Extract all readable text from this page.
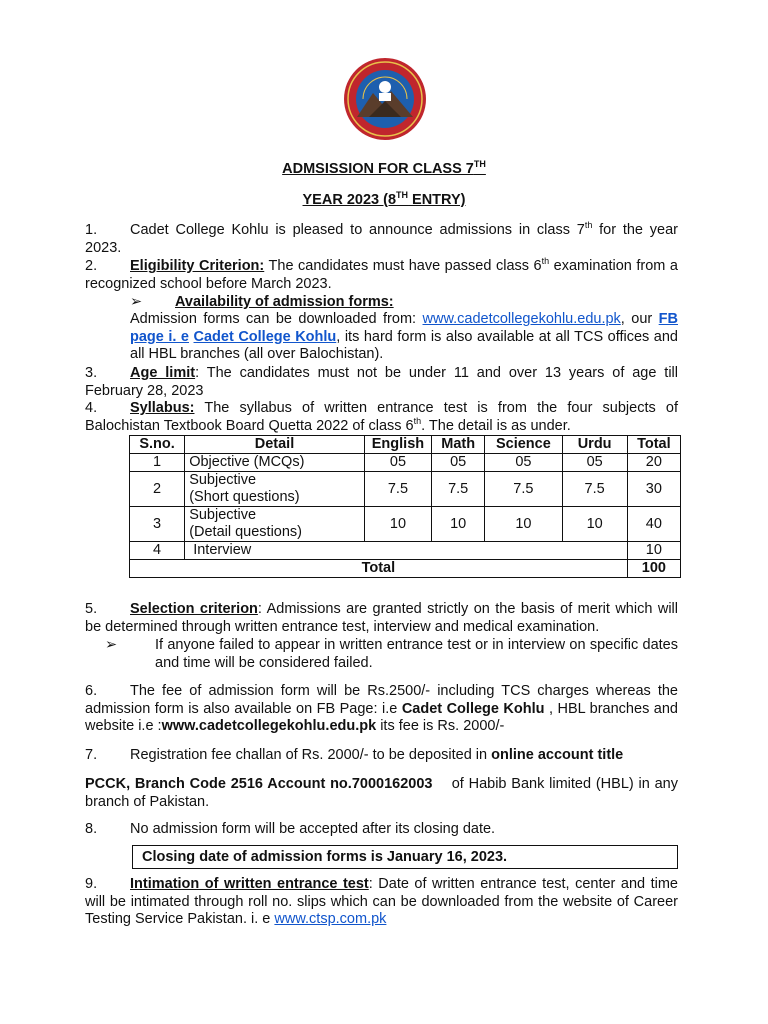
ADMSISSION FOR CLASS 7TH
YEAR 2023 (8TH ENTRY)
1. Cadet College Kohlu is pleased to announce admissions in class 7th for the year 2023.
2. Eligibility Criterion: The candidates must have passed class 6th examination from a recognized school before March 2023.
➢ Availability of admission forms:
Admission forms can be downloaded from: www.cadetcollegekohlu.edu.pk, our FB page i. e Cadet College Kohlu, its hard form is also available at all TCS offices and all HBL branches (all over Balochistan).
3. Age limit: The candidates must not be under 11 and over 13 years of age till February 28, 2023
4. Syllabus: The syllabus of written entrance test is from the four subjects of Balochistan Textbook Board Quetta 2022 of class 6th. The detail is as under.
S.no.	Detail	English	Math	Science	Urdu	Total
1	Objective (MCQs)	05	05	05	05	20
2	Subjective
(Short questions)	7.5	7.5	7.5	7.5	30
3	Subjective
(Detail questions)	10	10	10	10	40
4	Interview					10
Total						100
5. Selection criterion: Admissions are granted strictly on the basis of merit which will be determined through written entrance test, interview and medical examination.
➢	If anyone failed to appear in written entrance test or in interview on specific dates and time will be considered failed.
6. The fee of admission form will be Rs.2500/- including TCS charges whereas the admission form is also available on FB Page: i.e Cadet College Kohlu , HBL branches and website i.e :www.cadetcollegekohlu.edu.pk its fee is Rs. 2000/-
7. Registration fee challan of Rs. 2000/- to be deposited in online account title
PCCK, Branch Code 2516 Account no.7000162003    of Habib Bank limited (HBL) in any branch of Pakistan.
8. No admission form will be accepted after its closing date.
Closing date of admission forms is January 16, 2023.
9. Intimation of written entrance test: Date of written entrance test, center and time will be intimated through roll no. slips which can be downloaded from the website of Career Testing Service Pakistan. i. e www.ctsp.com.pk
